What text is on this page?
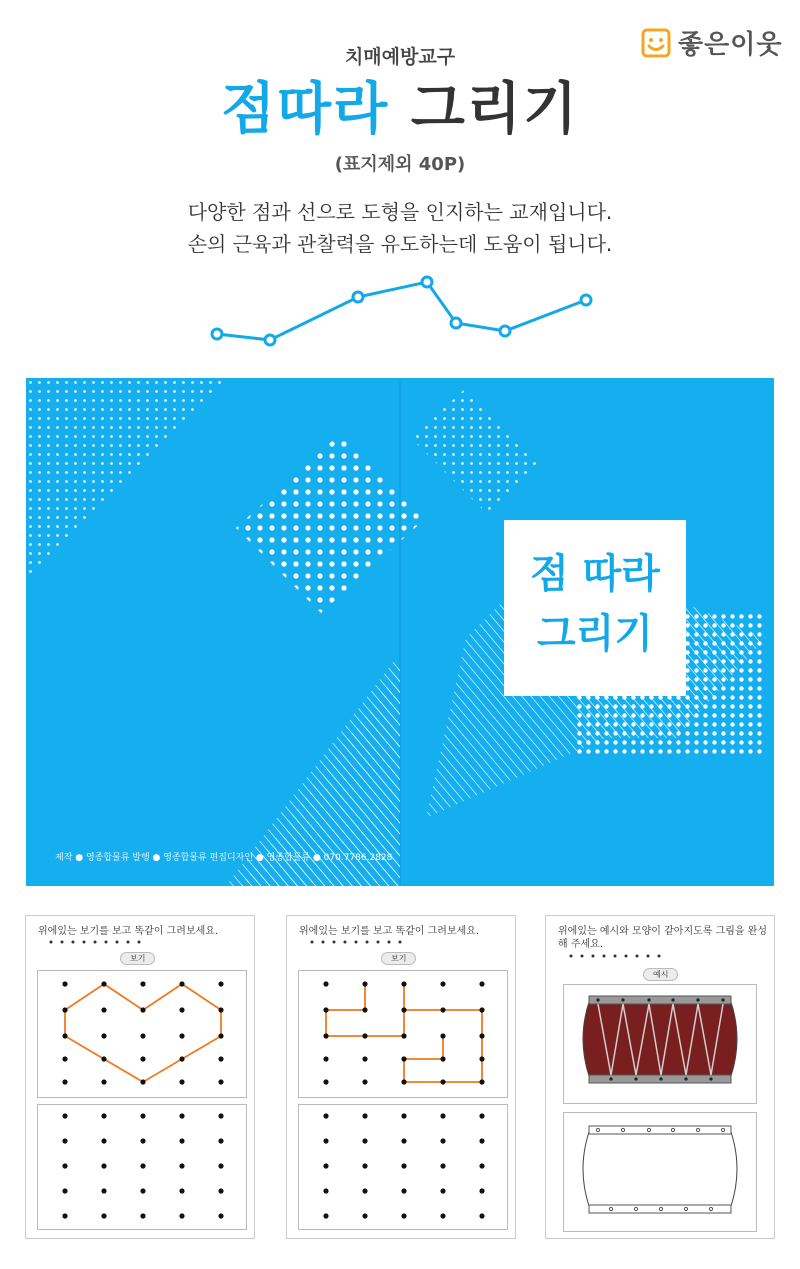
좋은이웃
치매예방교구
점따라 그리기
(표지제외 40P)
다양한 점과 선으로 도형을 인지하는 교재입니다.
손의 근육과 관찰력을 유도하는데 도움이 됩니다.
점 따라
그리기
제작 ● 영종합물류 발행 ● 영종합물류 편집디자인 ● 영종합물류 ● 070.7786.2828
위에있는 보기를 보고 똑같이 그려보세요.
보기
위에있는 보기를 보고 똑같이 그려보세요.
보기
위에있는 예시와 모양이 같아지도록 그림을 완성해 주세요.
예시
